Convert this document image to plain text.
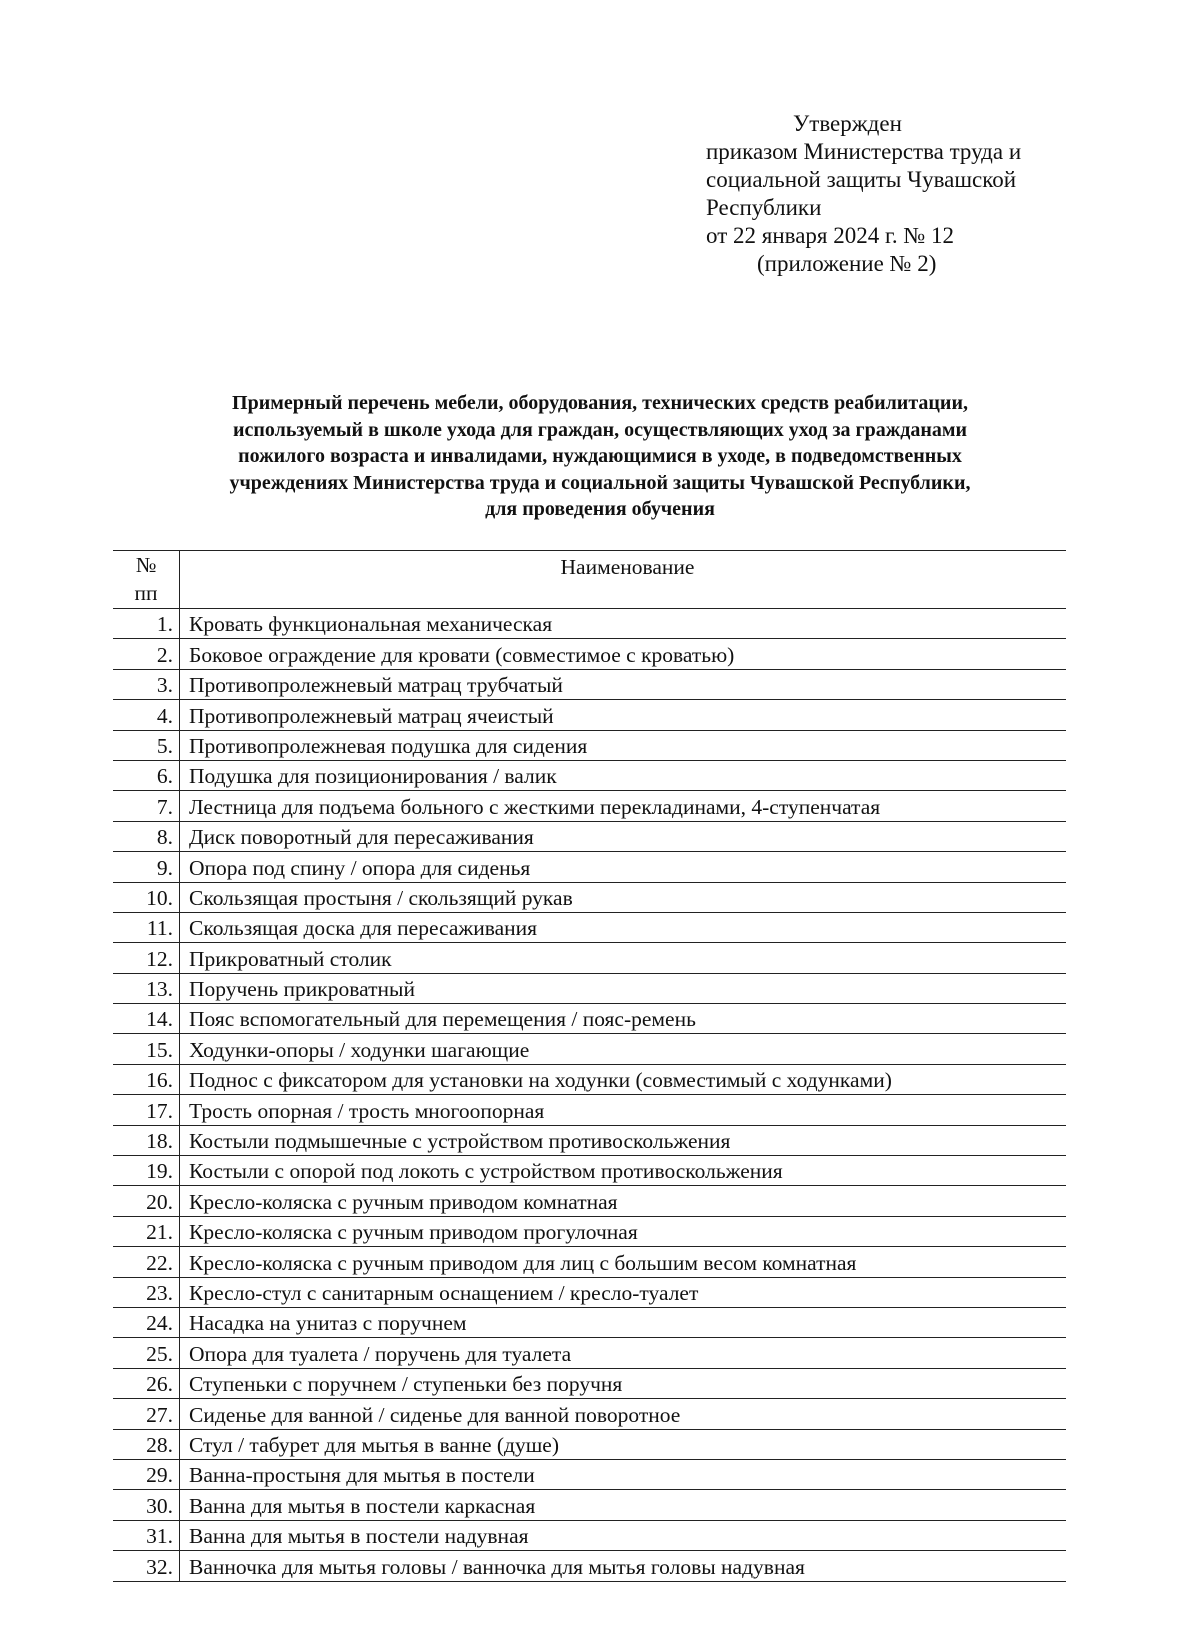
Утвержден
приказом Министерства труда и
социальной защиты Чувашской
Республики
от 22 января 2024 г. № 12
(приложение № 2)
Примерный перечень мебели, оборудования, технических средств реабилитации,
используемый в школе ухода для граждан, осуществляющих уход за гражданами
пожилого возраста и инвалидами, нуждающимися в уходе, в подведомственных
учреждениях Министерства труда и социальной защиты Чувашской Республики,
для проведения обучения
№
пп	Наименование
1.	Кровать функциональная механическая
2.	Боковое ограждение для кровати (совместимое с кроватью)
3.	Противопролежневый матрац трубчатый
4.	Противопролежневый матрац ячеистый
5.	Противопролежневая подушка для сидения
6.	Подушка для позиционирования / валик
7.	Лестница для подъема больного с жесткими перекладинами, 4-ступенчатая
8.	Диск поворотный для пересаживания
9.	Опора под спину / опора для сиденья
10.	Скользящая простыня / скользящий рукав
11.	Скользящая доска для пересаживания
12.	Прикроватный столик
13.	Поручень прикроватный
14.	Пояс вспомогательный для перемещения / пояс-ремень
15.	Ходунки-опоры / ходунки шагающие
16.	Поднос с фиксатором для установки на ходунки (совместимый с ходунками)
17.	Трость опорная / трость многоопорная
18.	Костыли подмышечные с устройством противоскольжения
19.	Костыли с опорой под локоть с устройством противоскольжения
20.	Кресло-коляска с ручным приводом комнатная
21.	Кресло-коляска с ручным приводом прогулочная
22.	Кресло-коляска с ручным приводом для лиц с большим весом комнатная
23.	Кресло-стул с санитарным оснащением / кресло-туалет
24.	Насадка на унитаз с поручнем
25.	Опора для туалета / поручень для туалета
26.	Ступеньки с поручнем / ступеньки без поручня
27.	Сиденье для ванной / сиденье для ванной поворотное
28.	Стул / табурет для мытья в ванне (душе)
29.	Ванна-простыня для мытья в постели
30.	Ванна для мытья в постели каркасная
31.	Ванна для мытья в постели надувная
32.	Ванночка для мытья головы / ванночка для мытья головы надувная
